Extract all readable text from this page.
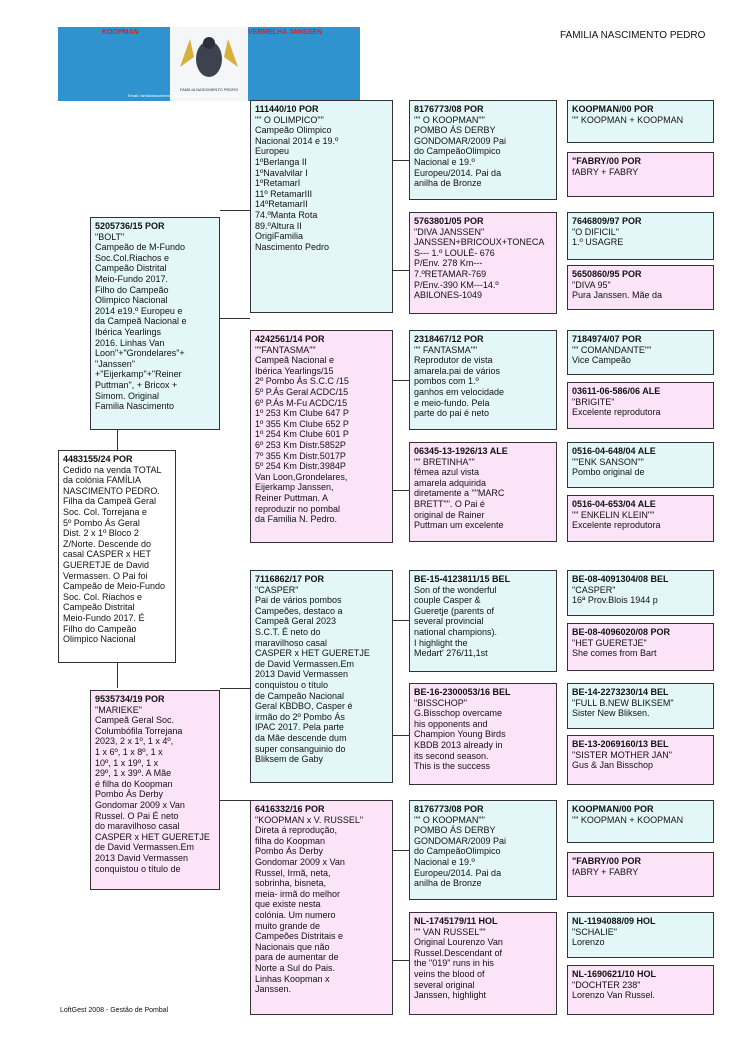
FAMILIA NASCIMENTO PEDRO
KOOPMAN	VERMELHA JANSSEN
FAMILIA NASCIMENTO PEDRO
Email: familianascimentopedro@gmail.com TEL: 939 457 672
4483155/24 POR
Cedido na venda TOTAL
da colónia FAMÍLIA
NASCIMENTO PEDRO.
Filha da Campeã Geral
Soc. Col. Torrejana e
5º Pombo Ás Geral
Dist. 2 x 1º Bloco 2
Z/Norte. Descende do
casal CASPER x HET
GUERETJE de David
Vermassen. O Pai foi
Campeão de Meio-Fundo
Soc. Col. Riachos e
Campeão Distrital
Meio-Fundo 2017. É
Filho do Campeão
Olimpico Nacional
5205736/15 POR
"BOLT"
Campeão de M-Fundo
Soc.Col.Riachos e
Campeão Distrital
Meio-Fundo 2017.
Filho do Campeão
Olimpico Nacional
2014 e19.º Europeu e
da Campeã Nacional e
Ibérica Yearlings
2016. Linhas Van
Loon"+"Grondelares"+
"Janssen"
+"Eijerkamp"+"Reiner
Puttman", + Bricox +
Simom. Original
Familia Nascimento
9535734/19 POR
"MARIEKE"
Campeã Geral Soc.
Columbófila Torrejana
2023, 2 x 1º, 1 x 4º,
1 x 6º, 1 x 8º, 1 x
10º, 1 x 19º, 1 x
29º, 1 x 39º. A Mãe
é filha do Koopman
Pombo Ás Derby
Gondomar 2009 x Van
Russel. O Pai É neto
do maravilhoso casal
CASPER x HET GUERETJE
de David Vermassen.Em
2013 David Vermassen
conquistou o título de
111440/10 POR
"" O OLIMPICO""
Campeão Olimpico
Nacional 2014 e 19.º
Europeu
1ºBerlanga II
1ºNavalvilar I
1ºRetamarI
11º RetamarIII
14ºRetamarII
74.ºManta Rota
89.ºAltura II
OrigiFamilia
Nascimento Pedro
4242561/14 POR
""FANTASMA""
Campeã Nacional e
Ibérica Yearlings/15
2º Pombo Ás S.C.C /15
5º P.Ás Geral ACDC/15
6º P.Ás M-Fu ACDC/15
1º 253 Km Clube 647 P
1º 355 Km Clube 652 P
1º 254 Km Clube 601 P
6º 253 Km Distr.5852P
7º 355 Km Distr.5017P
5º 254 Km Distr.3984P
Van Loon,Grondelares,
Eijerkamp Janssen,
Reiner Puttman. A
reproduzir no pombal
da Familia N. Pedro.
7116862/17 POR
"CASPER"
Pai de vários pombos
Campeões, destaco a
Campeã Geral 2023
S.C.T. É neto do
maravilhoso casal
CASPER x HET GUERETJE
de David Vermassen.Em
2013 David Vermassen
conquistou o título
de Campeão Nacional
Geral KBDBO, Casper é
irmão do 2º Pombo Ás
IPAC 2017. Pela parte
da Mãe descende dum
super consanguinio do
Bliksem de Gaby
6416332/16 POR
"KOOPMAN x V. RUSSEL"
Direta á reprodução,
filha do Koopman
Pombo Ás Derby
Gondomar 2009 x Van
Russel, Irmã, neta,
sobrinha, bisneta,
meia- irmã do melhor
que existe nesta
colónia. Um numero
muito grande de
Campeões Distritais e
Nacionais que não
para de aumentar de
Norte a Sul do Pais.
Linhas Koopman x
Janssen.
8176773/08 POR
"" O KOOPMAN""
POMBO ÁS DERBY
GONDOMAR/2009 Pai
do CampeãoOlimpico
Nacional e 19.º
Europeu/2014. Pai da
anilha de Bronze
5763801/05 POR
"DIVA JANSSEN"
JANSSEN+BRICOUX+TONECA
S--- 1.º LOULÉ- 676
P/Env. 278 Km---
7.ºRETAMAR-769
P/Env.-390 KM---14.º
ABILONES-1049
2318467/12 POR
"" FANTASMA""
Reprodutor de vista
amarela.pai de vários
pombos com 1.º
ganhos em velocidade
e meio-fundo. Pela
parte do pai é neto
06345-13-1926/13 ALE
"" BRETINHA""
fêmea azul vista
amarela adquirida
diretamente a ""MARC
BRETT"". O Pai é
original de Rainer
Puttman um excelente
BE-15-4123811/15 BEL
Son of the wonderful
couple Casper &
Gueretje (parents of
several provincial
national champions).
I highlight the
Medart' 276/11,1st
BE-16-2300053/16 BEL
"BISSCHOP"
G.Bisschop overcame
his opponents and
Champion Young Birds
KBDB 2013 already in
its second season.
This is the success
8176773/08 POR
"" O KOOPMAN""
POMBO ÁS DERBY
GONDOMAR/2009 Pai
do CampeãoOlimpico
Nacional e 19.º
Europeu/2014. Pai da
anilha de Bronze
NL-1745179/11 HOL
"" VAN RUSSEL""
Original Lourenzo Van
Russel.Descendant of
the "019" runs in his
veins the blood of
several original
Janssen, highlight
KOOPMAN/00 POR
"" KOOPMAN + KOOPMAN
"FABRY/00 POR
fABRY + FABRY
7646809/97 POR
"O DIFICIL"
1.º USAGRE
5650860/95 POR
"DIVA 95"
Pura Janssen. Mãe da
7184974/07 POR
"" COMANDANTE""
Vice Campeão
03611-06-586/06 ALE
"BRIGITE"
Excelente reprodutora
0516-04-648/04 ALE
""ENK SANSON""
Pombo original de
0516-04-653/04 ALE
"" ENKELIN KLEIN""
Excelente reprodutora
BE-08-4091304/08 BEL
"CASPER"
16ª Prov.Blois 1944 p
BE-08-4096020/08 POR
"HET GUERETJE"
She comes from Bart
BE-14-2273230/14 BEL
"FULL B.NEW BLIKSEM"
Sister New Bliksen.
BE-13-2069160/13 BEL
"SISTER MOTHER JAN"
Gus & Jan Bisschop
KOOPMAN/00 POR
"" KOOPMAN + KOOPMAN
"FABRY/00 POR
fABRY + FABRY
NL-1194088/09 HOL
"SCHALIE"
Lorenzo
NL-1690621/10 HOL
"DOCHTER 238"
Lorenzo Van Russel.
LoftGest 2008 - Gestão de Pombal
